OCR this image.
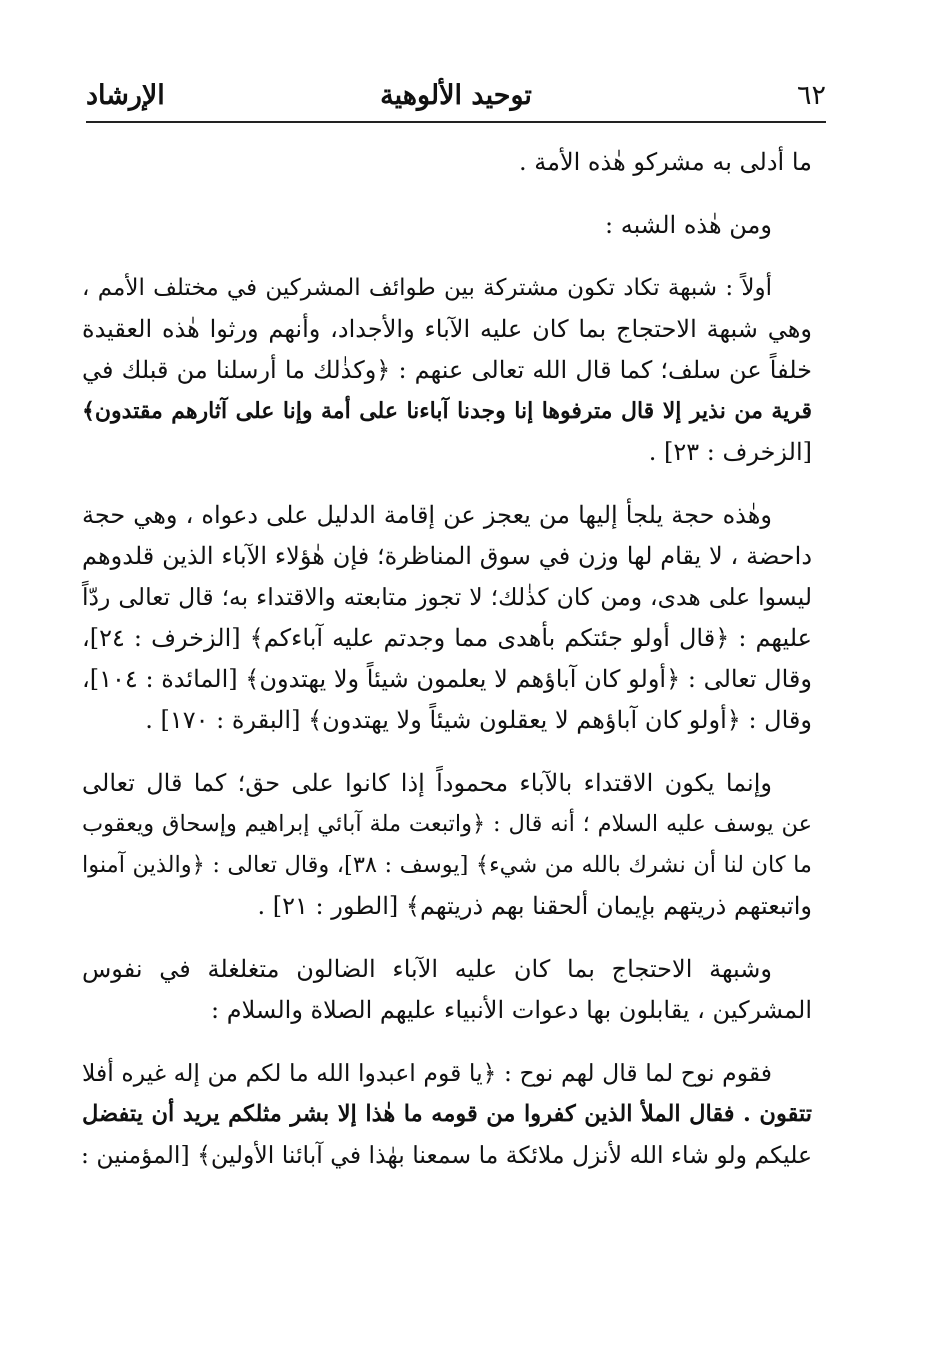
٦٢
توحيد الألوهية
الإرشاد
ما أدلى به مشركو هٰذه الأمة .
ومن هٰذه الشبه :
أولاً : شبهة تكاد تكون مشتركة بين طوائف المشركين في مختلف الأمم ،
وهي شبهة الاحتجاج بما كان عليه الآباء والأجداد، وأنهم ورثوا هٰذه العقيدة
خلفاً عن سلف؛ كما قال الله تعالى عنهم : ﴿وكذٰلك ما أرسلنا من قبلك في
قرية من نذير إلا قال مترفوها إنا وجدنا آباءنا على أمة وإنا على آثارهم مقتدون﴾
[الزخرف : ٢٣] .
وهٰذه حجة يلجأ إليها من يعجز عن إقامة الدليل على دعواه ، وهي حجة
داحضة ، لا يقام لها وزن في سوق المناظرة؛ فإن هٰؤلاء الآباء الذين قلدوهم
ليسوا على هدى، ومن كان كذٰلك؛ لا تجوز متابعته والاقتداء به؛ قال تعالى ردّاً
عليهم : ﴿قال أولو جئتكم بأهدى مما وجدتم عليه آباءكم﴾ [الزخرف : ٢٤]،
وقال تعالى : ﴿أولو كان آباؤهم لا يعلمون شيئاً ولا يهتدون﴾ [المائدة : ١٠٤]،
وقال : ﴿أولو كان آباؤهم لا يعقلون شيئاً ولا يهتدون﴾ [البقرة : ١٧٠] .
وإنما يكون الاقتداء بالآباء محموداً إذا كانوا على حق؛ كما قال تعالى
عن يوسف عليه السلام ؛ أنه قال : ﴿واتبعت ملة آبائي إبراهيم وإسحاق ويعقوب
ما كان لنا أن نشرك بالله من شيء﴾ [يوسف : ٣٨]، وقال تعالى : ﴿والذين آمنوا
واتبعتهم ذريتهم بإيمان ألحقنا بهم ذريتهم﴾ [الطور : ٢١] .
وشبهة الاحتجاج بما كان عليه الآباء الضالون متغلغلة في نفوس
المشركين ، يقابلون بها دعوات الأنبياء عليهم الصلاة والسلام :
فقوم نوح لما قال لهم نوح : ﴿يا قوم اعبدوا الله ما لكم من إله غيره أفلا
تتقون . فقال الملأ الذين كفروا من قومه ما هٰذا إلا بشر مثلكم يريد أن يتفضل
عليكم ولو شاء الله لأنزل ملائكة ما سمعنا بهٰذا في آبائنا الأولين﴾ [المؤمنين :
